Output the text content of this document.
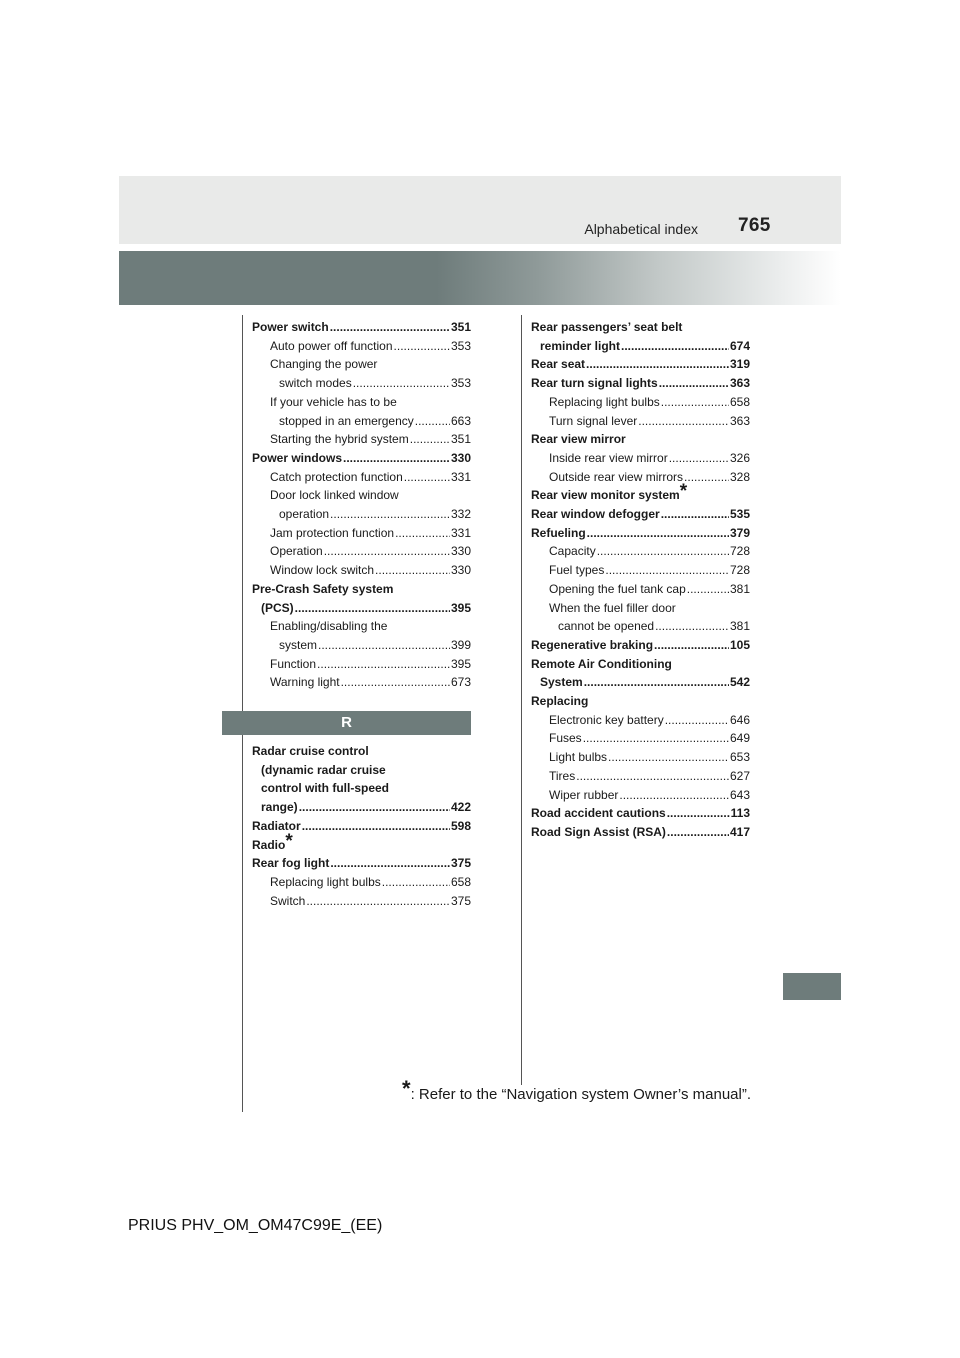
Alphabetical index 765
Power switch .....	351
Auto power off function .....	353
Changing the power
switch modes .....	353
If your vehicle has to be
stopped in an emergency .....	663
Starting the hybrid system .....	351
Power windows .....	330
Catch protection function .....	331
Door lock linked window
operation .....	332
Jam protection function .....	331
Operation .....	330
Window lock switch .....	330
Pre-Crash Safety system
(PCS) .....	395
Enabling/disabling the
system .....	399
Function .....	395
Warning light .....	673
R
Radar cruise control
(dynamic radar cruise
control with full-speed
range) .....	422
Radiator .....	598
Radio*
Rear fog light .....	375
Replacing light bulbs .....	658
Switch .....	375
Rear passengers’ seat belt
reminder light .....	674
Rear seat .....	319
Rear turn signal lights .....	363
Replacing light bulbs .....	658
Turn signal lever .....	363
Rear view mirror
Inside rear view mirror .....	326
Outside rear view mirrors .....	328
Rear view monitor system*
Rear window defogger .....	535
Refueling .....	379
Capacity .....	728
Fuel types .....	728
Opening the fuel tank cap .....	381
When the fuel filler door
cannot be opened .....	381
Regenerative braking .....	105
Remote Air Conditioning
System .....	542
Replacing
Electronic key battery .....	646
Fuses .....	649
Light bulbs .....	653
Tires .....	627
Wiper rubber .....	643
Road accident cautions .....	113
Road Sign Assist (RSA) .....	417
*: Refer to the “Navigation system Owner’s manual”.
PRIUS PHV_OM_OM47C99E_(EE)
